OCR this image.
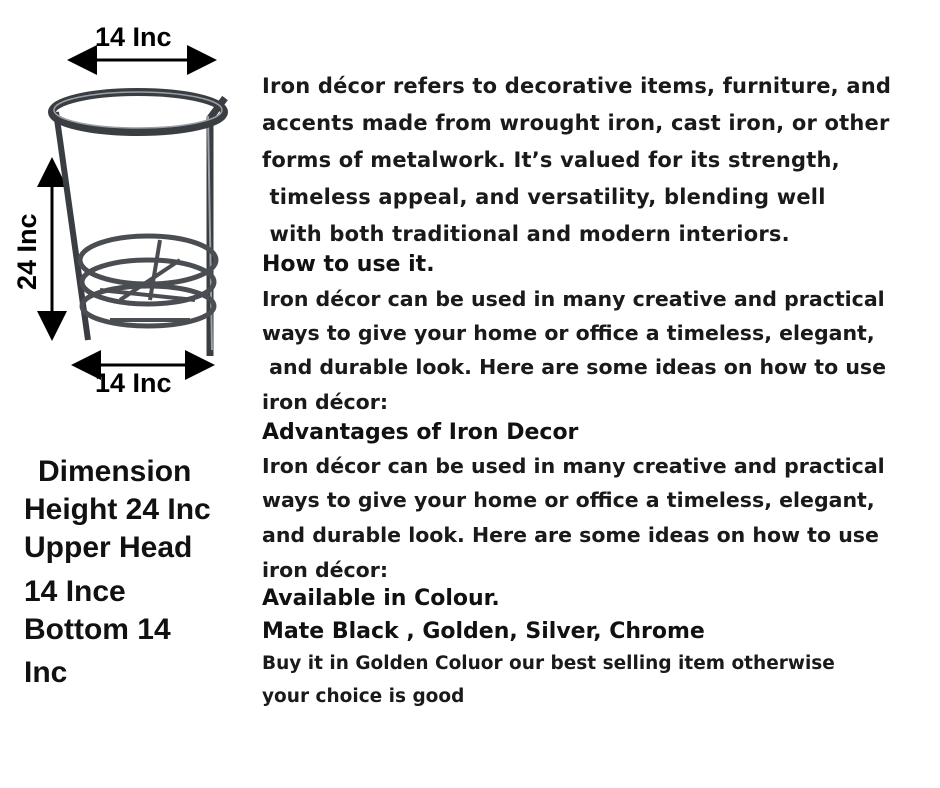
14 Inc
24 Inc
14 Inc
Dimension
Height 24 Inc
Upper Head
14 Ince
Bottom 14
Inc
Iron décor refers to decorative items, furniture, and
accents made from wrought iron, cast iron, or other
forms of metalwork. It’s valued for its strength,
timeless appeal, and versatility, blending well
with both traditional and modern interiors.
How to use it.
Iron décor can be used in many creative and practical
ways to give your home or office a timeless, elegant,
and durable look. Here are some ideas on how to use
iron décor:
Advantages of Iron Decor
Iron décor can be used in many creative and practical
ways to give your home or office a timeless, elegant,
and durable look. Here are some ideas on how to use
iron décor:
Available in Colour.
Mate Black , Golden, Silver, Chrome
Buy it in Golden Coluor our best selling item otherwise
your choice is good
